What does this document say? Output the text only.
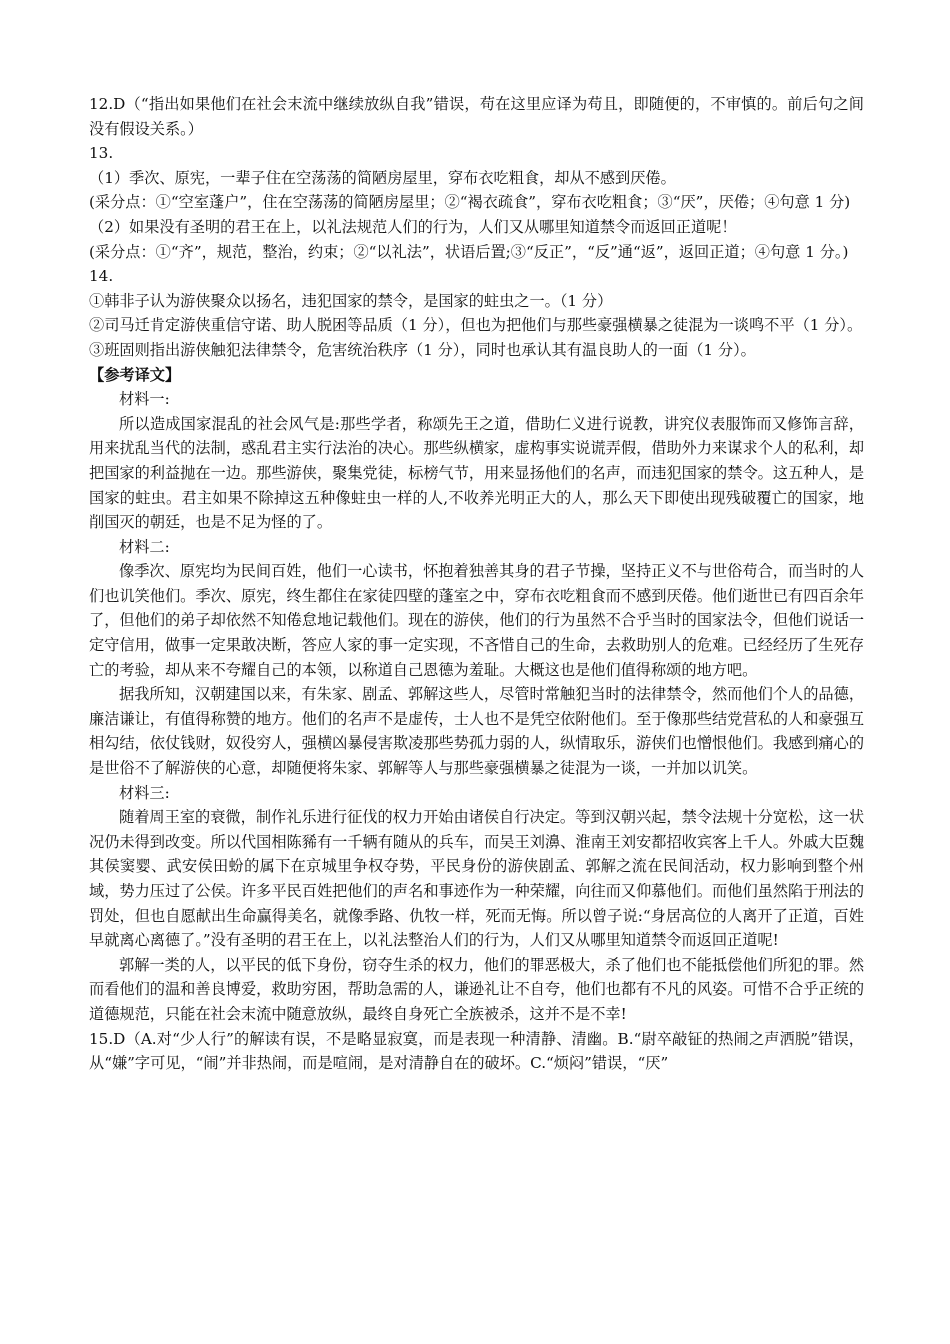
12.D（“指出如果他们在社会末流中继续放纵自我”错误，苟在这里应译为苟且，即随便的，不审慎的。前后句之间没有假设关系。）

13.

（1）季次、原宪，一辈子住在空荡荡的简陋房屋里，穿布衣吃粗食，却从不感到厌倦。

(采分点：①“空室蓬户”，住在空荡荡的简陋房屋里；②“褐衣疏食”，穿布衣吃粗食；③“厌”，厌倦；④句意 1 分)

（2）如果没有圣明的君王在上，以礼法规范人们的行为，人们又从哪里知道禁令而返回正道呢！

(采分点：①“齐”，规范，整治，约束；②“以礼法”，状语后置;③“反正”，“反”通“返”，返回正道；④句意 1 分。)

14.

①韩非子认为游侠聚众以扬名，违犯国家的禁令，是国家的蛀虫之一。（1 分）

②司马迁肯定游侠重信守诺、助人脱困等品质（1 分），但也为把他们与那些豪强横暴之徒混为一谈鸣不平（1 分）。

③班固则指出游侠触犯法律禁令，危害统治秩序（1 分），同时也承认其有温良助人的一面（1 分）。

【参考译文】

材料一:

所以造成国家混乱的社会风气是:那些学者，称颂先王之道，借助仁义进行说教，讲究仪表服饰而又修饰言辞，用来扰乱当代的法制，惑乱君主实行法治的决心。那些纵横家，虚构事实说谎弄假，借助外力来谋求个人的私利，却把国家的利益抛在一边。那些游侠，聚集党徒，标榜气节，用来显扬他们的名声，而违犯国家的禁令。这五种人，是国家的蛀虫。君主如果不除掉这五种像蛀虫一样的人,不收养光明正大的人，那么天下即使出现残破覆亡的国家，地削国灭的朝廷，也是不足为怪的了。

材料二:

像季次、原宪均为民间百姓，他们一心读书，怀抱着独善其身的君子节操，坚持正义不与世俗苟合，而当时的人们也讥笑他们。季次、原宪，终生都住在家徒四壁的蓬室之中，穿布衣吃粗食而不感到厌倦。他们逝世已有四百余年了，但他们的弟子却依然不知倦怠地记载他们。现在的游侠，他们的行为虽然不合乎当时的国家法令，但他们说话一定守信用，做事一定果敢决断，答应人家的事一定实现，不吝惜自己的生命，去救助别人的危难。已经经历了生死存亡的考验，却从来不夸耀自己的本领，以称道自己恩德为羞耻。大概这也是他们值得称颂的地方吧。

据我所知，汉朝建国以来，有朱家、剧孟、郭解这些人，尽管时常触犯当时的法律禁令，然而他们个人的品德，廉洁谦让，有值得称赞的地方。他们的名声不是虚传，士人也不是凭空依附他们。至于像那些结党营私的人和豪强互相勾结，依仗钱财，奴役穷人，强横凶暴侵害欺凌那些势孤力弱的人，纵情取乐，游侠们也憎恨他们。我感到痛心的是世俗不了解游侠的心意，却随便将朱家、郭解等人与那些豪强横暴之徒混为一谈，一并加以讥笑。

材料三:

随着周王室的衰微，制作礼乐进行征伐的权力开始由诸侯自行决定。等到汉朝兴起，禁令法规十分宽松，这一状况仍未得到改变。所以代国相陈豨有一千辆有随从的兵车，而吴王刘濞、淮南王刘安都招收宾客上千人。外戚大臣魏其侯窦婴、武安侯田蚡的属下在京城里争权夺势，平民身份的游侠剧孟、郭解之流在民间活动，权力影响到整个州域，势力压过了公侯。许多平民百姓把他们的声名和事迹作为一种荣耀，向往而又仰慕他们。而他们虽然陷于刑法的罚处，但也自愿献出生命赢得美名，就像季路、仇牧一样，死而无悔。所以曾子说:“身居高位的人离开了正道，百姓早就离心离德了。”没有圣明的君王在上，以礼法整治人们的行为，人们又从哪里知道禁令而返回正道呢!

郭解一类的人，以平民的低下身份，窃夺生杀的权力，他们的罪恶极大，杀了他们也不能抵偿他们所犯的罪。然而看他们的温和善良博爱，救助穷困，帮助急需的人，谦逊礼让不自夸，他们也都有不凡的风姿。可惜不合乎正统的道德规范，只能在社会末流中随意放纵，最终自身死亡全族被杀，这并不是不幸!

15.D（A.对“少人行”的解读有误，不是略显寂寞，而是表现一种清静、清幽。B.“尉卒敲钲的热闹之声洒脱”错误，从“嫌”字可见，“闹”并非热闹，而是喧闹，是对清静自在的破坏。C.“烦闷”错误，“厌”
